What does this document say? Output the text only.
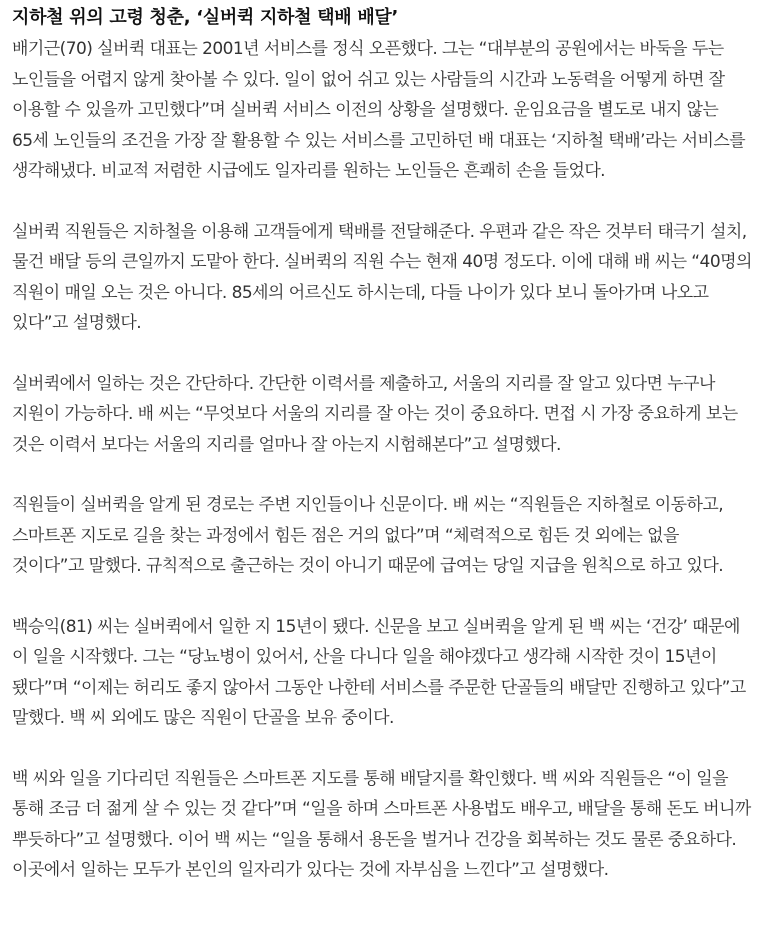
지하철 위의 고령 청춘, ‘실버퀵 지하철 택배 배달’

배기근(70) 실버퀵 대표는 2001년 서비스를 정식 오픈했다. 그는 “대부분의 공원에서는 바둑을 두는 노인들을 어렵지 않게 찾아볼 수 있다. 일이 없어 쉬고 있는 사람들의 시간과 노동력을 어떻게 하면 잘 이용할 수 있을까 고민했다”며 실버퀵 서비스 이전의 상황을 설명했다. 운임요금을 별도로 내지 않는 65세 노인들의 조건을 가장 잘 활용할 수 있는 서비스를 고민하던 배 대표는 ‘지하철 택배’라는 서비스를 생각해냈다. 비교적 저렴한 시급에도 일자리를 원하는 노인들은 흔쾌히 손을 들었다.

실버퀵 직원들은 지하철을 이용해 고객들에게 택배를 전달해준다. 우편과 같은 작은 것부터 태극기 설치, 물건 배달 등의 큰일까지 도맡아 한다. 실버퀵의 직원 수는 현재 40명 정도다. 이에 대해 배 씨는 “40명의 직원이 매일 오는 것은 아니다. 85세의 어르신도 하시는데, 다들 나이가 있다 보니 돌아가며 나오고 있다”고 설명했다.

실버퀵에서 일하는 것은 간단하다. 간단한 이력서를 제출하고, 서울의 지리를 잘 알고 있다면 누구나 지원이 가능하다. 배 씨는 “무엇보다 서울의 지리를 잘 아는 것이 중요하다. 면접 시 가장 중요하게 보는 것은 이력서 보다는 서울의 지리를 얼마나 잘 아는지 시험해본다”고 설명했다.

직원들이 실버퀵을 알게 된 경로는 주변 지인들이나 신문이다. 배 씨는 “직원들은 지하철로 이동하고, 스마트폰 지도로 길을 찾는 과정에서 힘든 점은 거의 없다”며 “체력적으로 힘든 것 외에는 없을 것이다”고 말했다. 규칙적으로 출근하는 것이 아니기 때문에 급여는 당일 지급을 원칙으로 하고 있다.

백승익(81) 씨는 실버퀵에서 일한 지 15년이 됐다. 신문을 보고 실버퀵을 알게 된 백 씨는 ‘건강’ 때문에 이 일을 시작했다. 그는 “당뇨병이 있어서, 산을 다니다 일을 해야겠다고 생각해 시작한 것이 15년이 됐다”며 “이제는 허리도 좋지 않아서 그동안 나한테 서비스를 주문한 단골들의 배달만 진행하고 있다”고 말했다. 백 씨 외에도 많은 직원이 단골을 보유 중이다.

백 씨와 일을 기다리던 직원들은 스마트폰 지도를 통해 배달지를 확인했다. 백 씨와 직원들은 “이 일을 통해 조금 더 젊게 살 수 있는 것 같다”며 “일을 하며 스마트폰 사용법도 배우고, 배달을 통해 돈도 버니까 뿌듯하다”고 설명했다. 이어 백 씨는 “일을 통해서 용돈을 벌거나 건강을 회복하는 것도 물론 중요하다. 이곳에서 일하는 모두가 본인의 일자리가 있다는 것에 자부심을 느낀다”고 설명했다.
